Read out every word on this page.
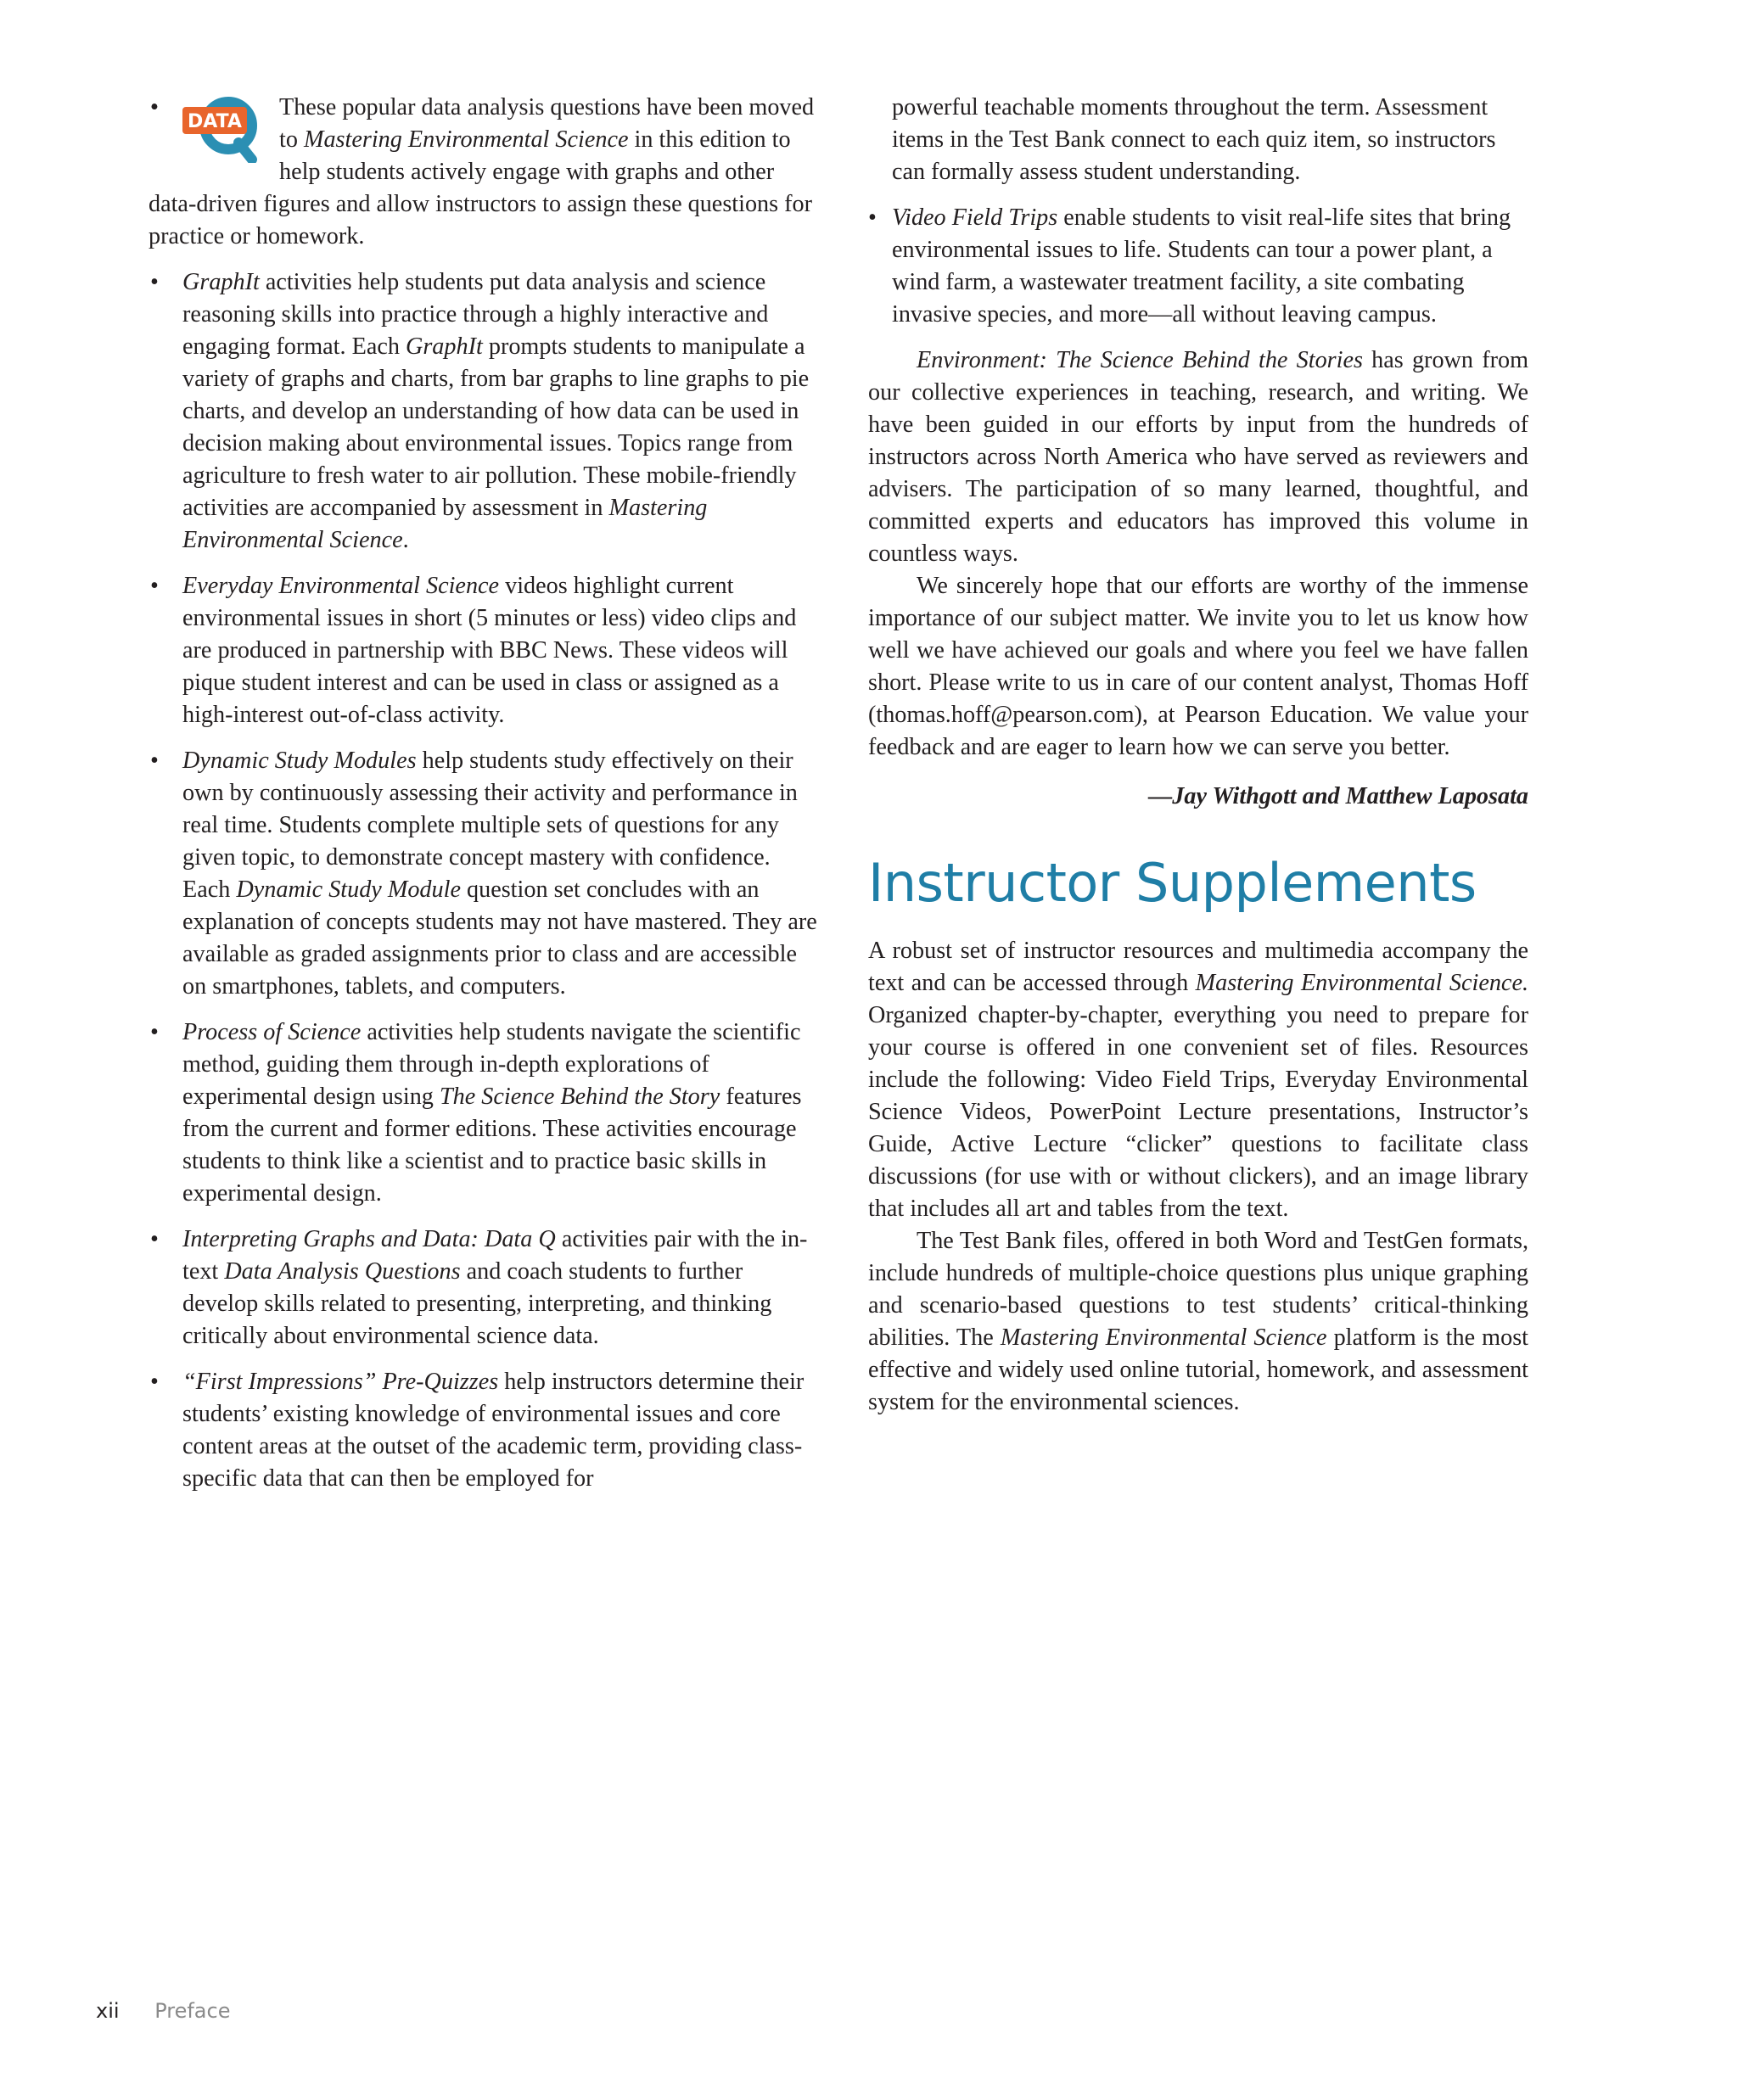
• •
DATA
These popular data analysis questions have been moved to Mastering Environmental Science in this edition to help students actively engage with graphs and other data-driven figures and allow instructors to assign these questions for practice or homework.
• GraphIt activities help students put data analysis and science reasoning skills into practice through a highly interactive and engaging format. Each GraphIt prompts students to manipulate a variety of graphs and charts, from bar graphs to line graphs to pie charts, and develop an understanding of how data can be used in decision making about environmental issues. Topics range from agriculture to fresh water to air pollution. These mobile-friendly activities are accompanied by assessment in Mastering Environmental Science.
• Everyday Environmental Science videos highlight current environmental issues in short (5 minutes or less) video clips and are produced in partnership with BBC News. These videos will pique student interest and can be used in class or assigned as a high-interest out-of-class activity.
• Dynamic Study Modules help students study effectively on their own by continuously assessing their activity and performance in real time. Students complete multiple sets of questions for any given topic, to demonstrate concept mastery with confidence. Each Dynamic Study Module question set concludes with an explanation of concepts students may not have mastered. They are available as graded assignments prior to class and are accessible on smartphones, tablets, and computers.
• Process of Science activities help students navigate the scientific method, guiding them through in-depth explorations of experimental design using The Science Behind the Story features from the current and former editions. These activities encourage students to think like a scientist and to practice basic skills in experimental design.
• Interpreting Graphs and Data: Data Q activities pair with the in-text Data Analysis Questions and coach students to further develop skills related to presenting, interpreting, and thinking critically about environmental science data.
• “First Impressions” Pre-Quizzes help instructors determine their students’ existing knowledge of environmental issues and core content areas at the outset of the academic term, providing class-specific data that can then be employed for
powerful teachable moments throughout the term. Assessment items in the Test Bank connect to each quiz item, so instructors can formally assess student understanding.
• Video Field Trips enable students to visit real-life sites that bring environmental issues to life. Students can tour a power plant, a wind farm, a wastewater treatment facility, a site combating invasive species, and more—all without leaving campus.

Environment: The Science Behind the Stories has grown from our collective experiences in teaching, research, and writing. We have been guided in our efforts by input from the hundreds of instructors across North America who have served as reviewers and advisers. The participation of so many learned, thoughtful, and committed experts and educators has improved this volume in countless ways.

We sincerely hope that our efforts are worthy of the immense importance of our subject matter. We invite you to let us know how well we have achieved our goals and where you feel we have fallen short. Please write to us in care of our content analyst, Thomas Hoff (thomas.hoff@pearson.com), at Pearson Education. We value your feedback and are eager to learn how we can serve you better.

—Jay Withgott and Matthew Laposata

Instructor Supplements

A robust set of instructor resources and multimedia accompany the text and can be accessed through Mastering Environmental Science. Organized chapter-by-chapter, everything you need to prepare for your course is offered in one convenient set of files. Resources include the following: Video Field Trips, Everyday Environmental Science Videos, PowerPoint Lecture presentations, Instructor’s Guide, Active Lecture “clicker” questions to facilitate class discussions (for use with or without clickers), and an image library that includes all art and tables from the text.

The Test Bank files, offered in both Word and TestGen formats, include hundreds of multiple-choice questions plus unique graphing and scenario-based questions to test students’ critical-thinking abilities. The Mastering Environmental Science platform is the most effective and widely used online tutorial, homework, and assessment system for the environmental sciences.

xii Preface
